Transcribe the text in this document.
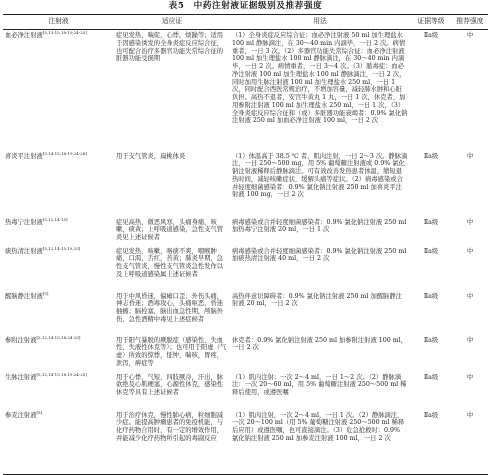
表5　中药注射液证据级别及推荐强度
注射液	适应证	用法	证据等级	推荐强度
血必净注射液[5,13-15,18-19,24-25]	症见发热，喘促，心悸，烦躁等；适用于因感染诱发的全身炎症反应综合征，也可配合治疗多器官功能失常综合征的脏器功能受损期	（1）全身炎症反应综合征：血必净注射液 50 ml 加生理盐水 100 ml 静脉滴注，在 30～40 min 内滴毕，一日 2 次。病情重者，一日 3 次。（2）多器官功能失常综合征：血必净注射液 100 ml 加生理盐水 100 ml 静脉滴注，在 30～40 min 内滴毕，一日 2 次。病情重者，一日 3～4 次。（3）脓毒症：血必净注射液 100 ml 加生理盐水 100 ml 静脉滴注，一日 2 次，同时加用生脉注射液 100 ml 加生理盐水 250 ml，一日 1 次，同时配合西医常规治疗，不增加容量，减轻肺水肿和心脏负担。高热不退者，安宫牛黄丸 1 丸，一日 1 次，休克者，加用参附注射液 100 ml 加生理盐水 250 ml，一日 1 次，（3）全身炎症反应综合征和（或）多脏器功能衰竭者：0.9% 氯化钠注射液 250 ml 加血必净注射液 100 ml，一日 2 次	Ⅱa级	中
喜炎平注射液[5,14-15,18-19,24-28]	用于支气管炎，扁桃体炎	（1）体温高于 38.5 ℃ 者，肌肉注射，一日 2～3 次。静脉滴注，一日 250～500 mg，用 5% 葡萄糖注射液或 0.9% 氯化钠注射液稀释后静脉滴注。可有效改善发热患者体温，缩短退热时间，减轻咳嗽症状，缓解头痛等症状。（2）病毒感染或合并轻度细菌感染者：0.9% 氯化钠注射液 250 ml 加喜炎平注射液 100 mg，一日 2 次	Ⅱa级	中
热毒宁注射液[5,12,14-15]	症见高热，微恶风寒，头痛身痛，咳嗽，痰黄；上呼吸道感染，急性支气管炎见上述证候者	病毒感染或合并轻度细菌感染者：0.9% 氯化钠注射液 250 ml 加热毒宁注射液 20 ml，一日 1 次	Ⅱa级	中
痰热清注射液[5,12,14-15,19,25]	症见发热，咳嗽，咯痰不爽，咽喉肿痛，口渴，舌红，苔黄；肺炎早期，急性支气管炎，慢性支气管炎急性发作以及上呼吸道感染属上述证候者	病毒感染或合并轻度细菌感染者：0.9% 氯化钠注射液 250 ml 加痰热清注射液 40 ml，一日 2 次	Ⅱa级	中
醒脑静注射液[5]	用于中风昏迷，偏瘫口歪；外伤头痛，神志昏迷；酒毒攻心，头痛呕恶，昏迷抽搐；脑栓塞，脑出血急性期，颅脑外伤，急性酒精中毒见上述症候者	高热伴意识障碍者：0.9% 氯化钠注射液 250 ml 加醒脑静注射液 20 ml，一日 2 次	Ⅱa级	中
参附注射液[5,12,14-15,18,24-25]	用于阳气暴脱的厥脱症（感染性、失血性、失液性休克等）；也可用于阳虚（气虚）所致的惊悸，怔忡，喘咳，胃疼，泄泻，痹症等	休克者：0.9% 氯化钠注射液 250 ml 加参附注射液 100 ml，一日 2 次	Ⅱa级	中
生脉注射液[5,12,14-15,18,19,24-25]	用于心悸，气短，四肢厥冷，汗出，脉欲绝及心肌梗塞，心源性休克，感染性休克等具有上述证候者	（1）肌内注射：一次 2～4 ml，一日 1～2 次。（2）静脉滴注：一次 20～60 ml，用 5% 葡萄糖注射液 250～500 ml 稀释后使用，或遵医嘱	Ⅱa级	中
参麦注射液[5]	用于治疗休克，慢性肺心病，粒细胞减少症。能提高肿瘤患者的免疫机能，与化疗药物合用时，有一定的增效作用，并能减少化疗药物所引起的毒副反应	（1）肌肉注射，一次 2～4 ml，一日 1 次。（2）静脉滴注，一次 20～100 ml（用 5% 葡萄糖注射液 250～500 ml 稀释后应用）或遵医嘱，也可直接滴注。（3）危急抢救时：0.9% 氯化钠注射液 250 ml 加参麦注射液 100 ml，一日 2 次	Ⅱa级	中
